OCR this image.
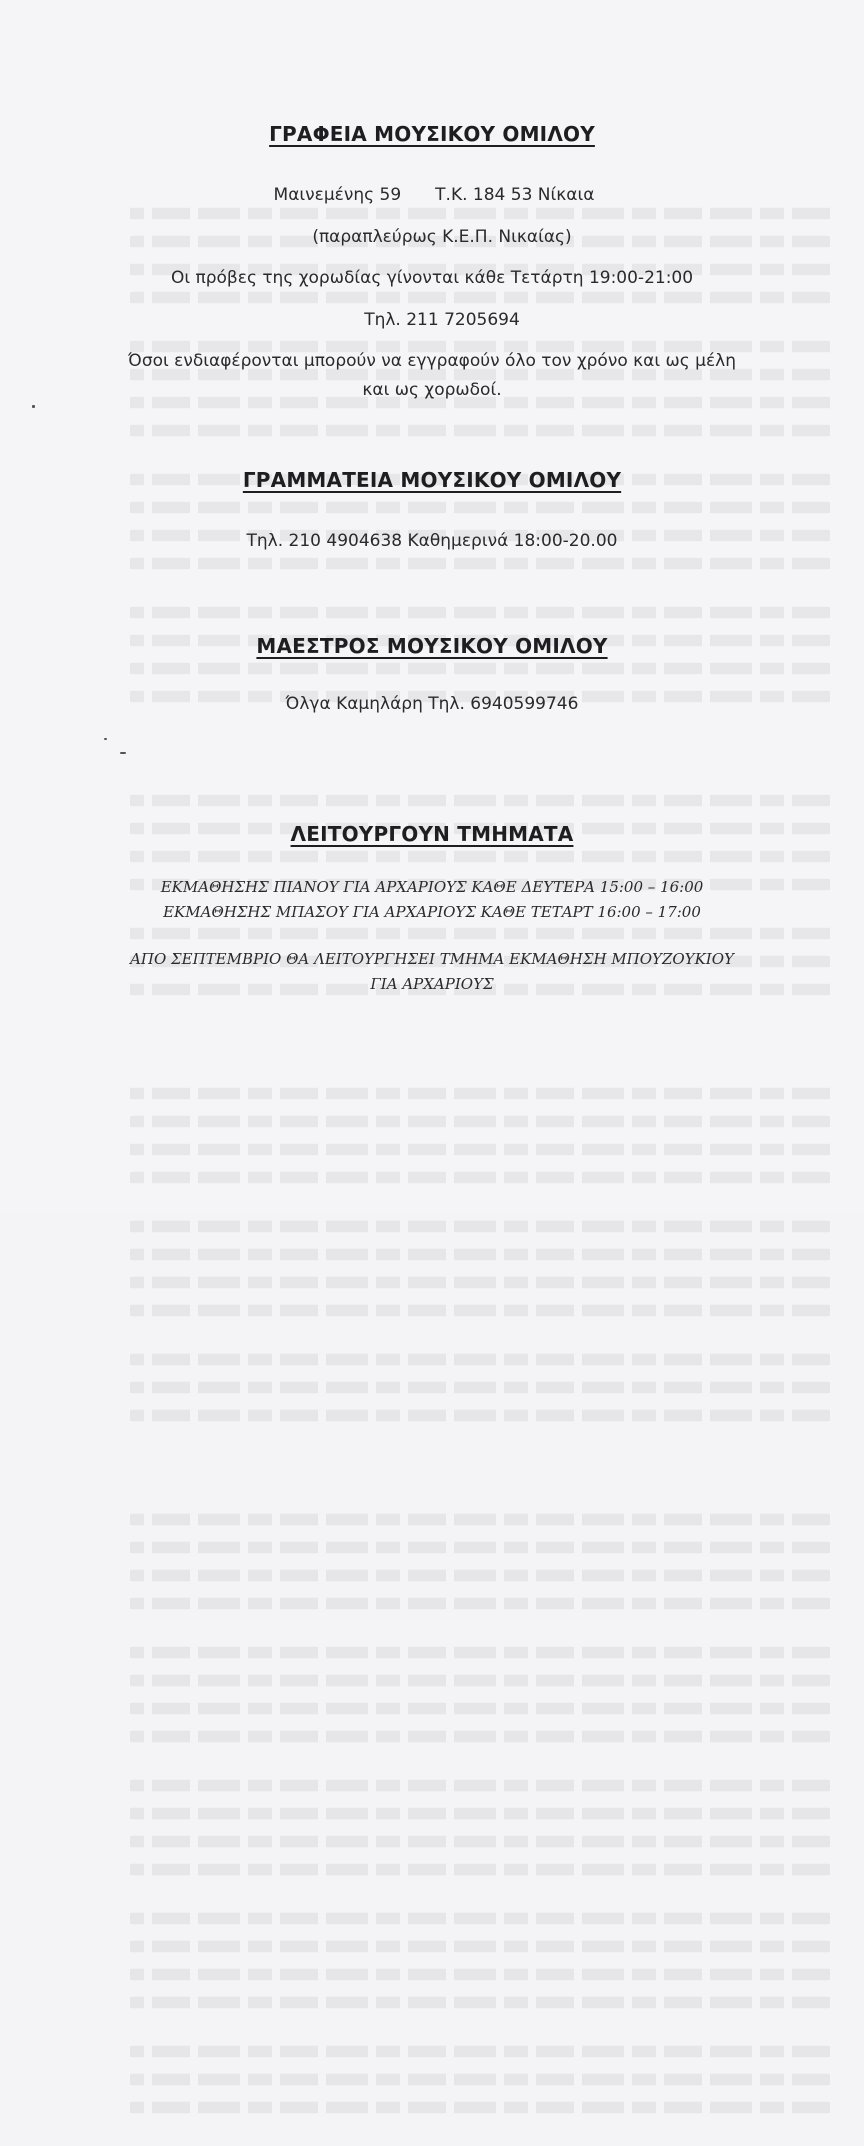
ΓΡΑΦΕΙΑ ΜΟΥΣΙΚΟΥ ΟΜΙΛΟΥ
Μαινεμένης 59 Τ.Κ. 184 53 Νίκαια
(παραπλεύρως Κ.Ε.Π. Νικαίας)
Οι πρόβες της χορωδίας γίνονται κάθε Τετάρτη 19:00-21:00
Τηλ. 211 7205694
Όσοι ενδιαφέρονται μπορούν να εγγραφούν όλο τον χρόνο και ως μέλη
και ως χορωδοί.
ΓΡΑΜΜΑΤΕΙΑ ΜΟΥΣΙΚΟΥ ΟΜΙΛΟΥ
Τηλ. 210 4904638 Καθημερινά 18:00-20.00
ΜΑΕΣΤΡΟΣ ΜΟΥΣΙΚΟΥ ΟΜΙΛΟΥ
Όλγα Καμηλάρη Τηλ. 6940599746
ΛΕΙΤΟΥΡΓΟΥΝ ΤΜΗΜΑΤΑ
ΕΚΜΑΘΗΣΗΣ ΠΙΑΝΟΥ ΓΙΑ ΑΡΧΑΡΙΟΥΣ ΚΑΘΕ ΔΕΥΤΕΡΑ 15:00 – 16:00
ΕΚΜΑΘΗΣΗΣ ΜΠΑΣΟΥ ΓΙΑ ΑΡΧΑΡΙΟΥΣ ΚΑΘΕ ΤΕΤΑΡΤ 16:00 – 17:00
ΑΠΟ ΣΕΠΤΕΜΒΡΙΟ ΘΑ ΛΕΙΤΟΥΡΓΗΣΕΙ ΤΜΗΜΑ ΕΚΜΑΘΗΣΗ ΜΠΟΥΖΟΥΚΙΟΥ
ΓΙΑ ΑΡΧΑΡΙΟΥΣ
